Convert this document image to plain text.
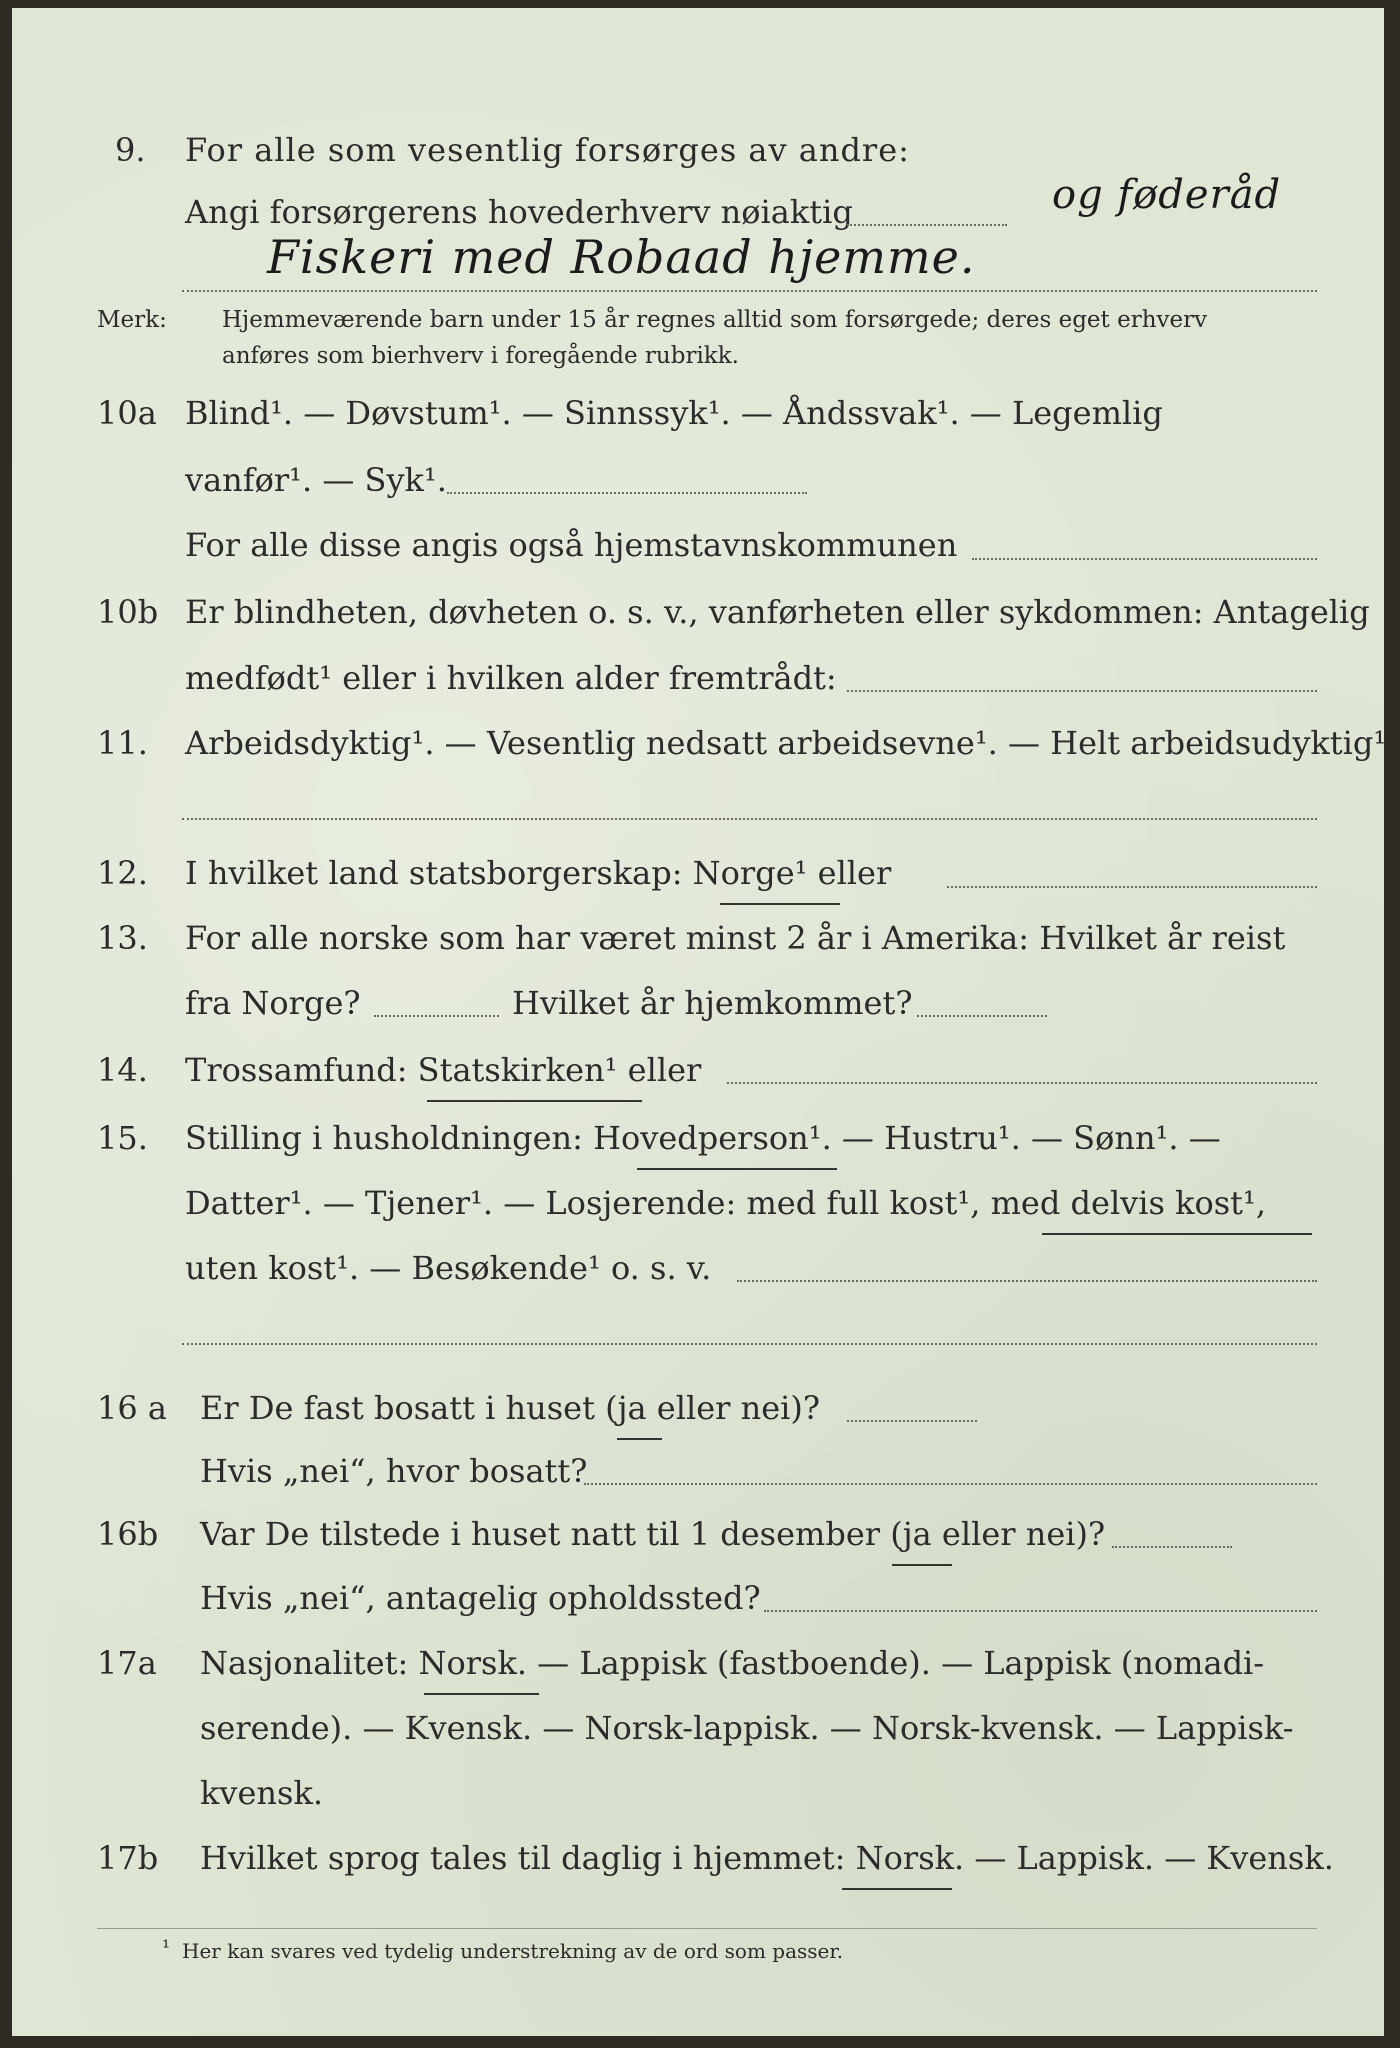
9. For alle som vesentlig forsørges av andre:
Angi forsørgerens hovederhverv nøiaktig	og føderåd
Fiskeri med Robaad hjemme.
Merk: Hjemmeværende barn under 15 år regnes alltid som forsørgede; deres eget erhverv
anføres som bierhverv i foregående rubrikk.
10a Blind¹. — Døvstum¹. — Sinnssyk¹. — Åndssvak¹. — Legemlig
vanfør¹. — Syk¹.
For alle disse angis også hjemstavnskommunen
10b Er blindheten, døvheten o. s. v., vanførheten eller sykdommen: Antagelig
medfødt¹ eller i hvilken alder fremtrådt:
11. Arbeidsdyktig¹. — Vesentlig nedsatt arbeidsevne¹. — Helt arbeidsudyktig¹.
12. I hvilket land statsborgerskap: Norge¹ eller
13. For alle norske som har været minst 2 år i Amerika: Hvilket år reist
fra Norge?	Hvilket år hjemkommet?
14. Trossamfund: Statskirken¹ eller
15. Stilling i husholdningen: Hovedperson¹. — Hustru¹. — Sønn¹. —
Datter¹. — Tjener¹. — Losjerende: med full kost¹, med delvis kost¹,
uten kost¹. — Besøkende¹ o. s. v.
16 a Er De fast bosatt i huset (ja eller nei)?
Hvis „nei“, hvor bosatt?
16b Var De tilstede i huset natt til 1 desember (ja eller nei)?
Hvis „nei“, antagelig opholdssted?
17a Nasjonalitet: Norsk. — Lappisk (fastboende). — Lappisk (nomadi-
serende). — Kvensk. — Norsk-lappisk. — Norsk-kvensk. — Lappisk-
kvensk.
17b Hvilket sprog tales til daglig i hjemmet: Norsk. — Lappisk. — Kvensk.
¹ Her kan svares ved tydelig understrekning av de ord som passer.
